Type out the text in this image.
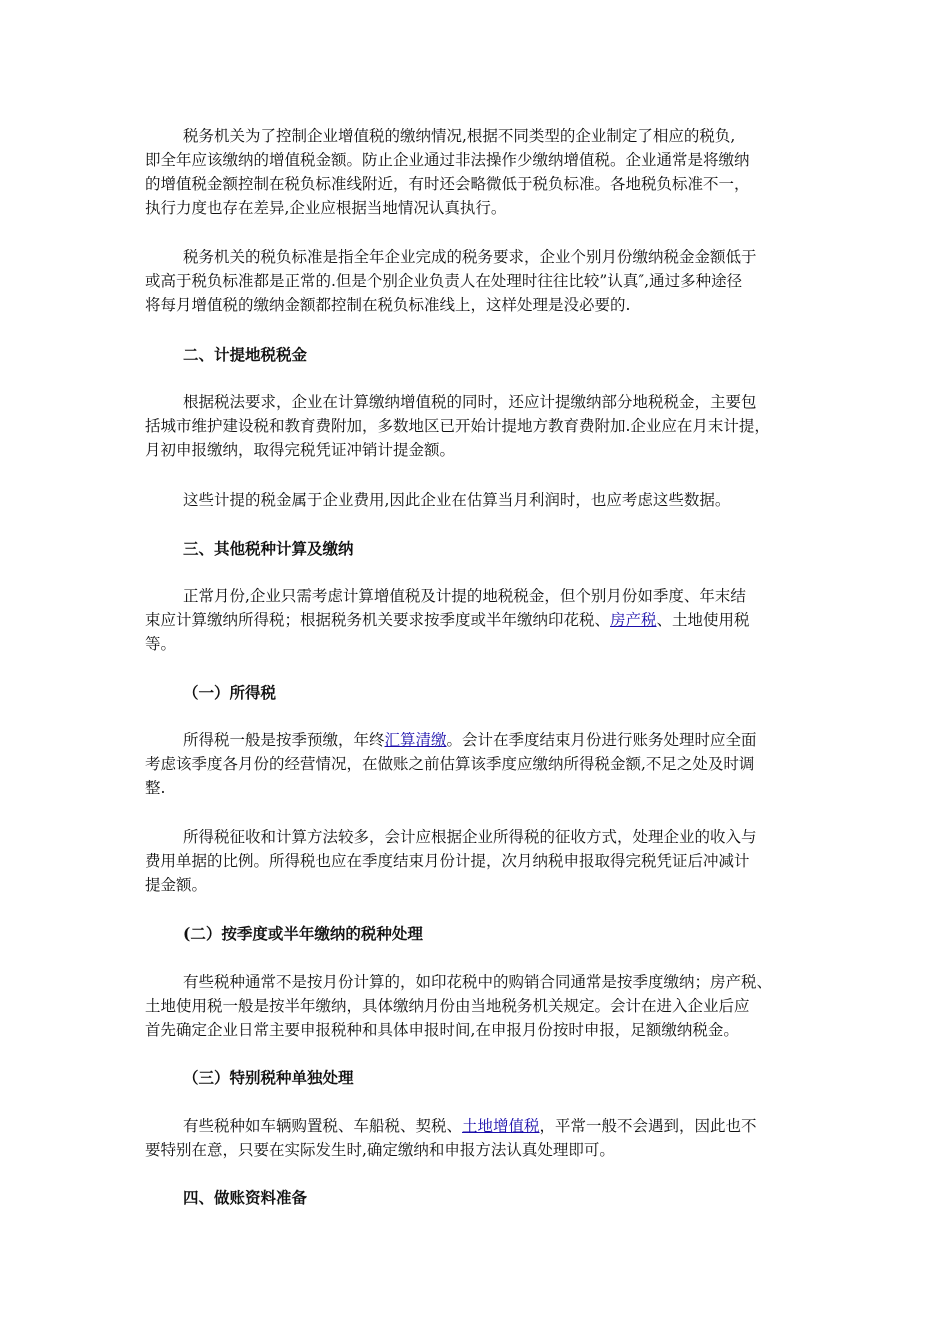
税务机关为了控制企业增值税的缴纳情况,根据不同类型的企业制定了相应的税负,
即全年应该缴纳的增值税金额。防止企业通过非法操作少缴纳增值税。企业通常是将缴纳
的增值税金额控制在税负标准线附近，有时还会略微低于税负标准。各地税负标准不一，
执行力度也存在差异,企业应根据当地情况认真执行。

税务机关的税负标准是指全年企业完成的税务要求，企业个别月份缴纳税金金额低于
或高于税负标准都是正常的.但是个别企业负责人在处理时往往比较”认真″,通过多种途径
将每月增值税的缴纳金额都控制在税负标准线上，这样处理是没必要的.

二、计提地税税金

根据税法要求，企业在计算缴纳增值税的同时，还应计提缴纳部分地税税金，主要包
括城市维护建设税和教育费附加，多数地区已开始计提地方教育费附加.企业应在月末计提，
月初申报缴纳，取得完税凭证冲销计提金额。

这些计提的税金属于企业费用,因此企业在估算当月利润时，也应考虑这些数据。

三、其他税种计算及缴纳

正常月份,企业只需考虑计算增值税及计提的地税税金，但个别月份如季度、年末结
束应计算缴纳所得税；根据税务机关要求按季度或半年缴纳印花税、房产税、土地使用税
等。

（一）所得税

所得税一般是按季预缴，年终汇算清缴。会计在季度结束月份进行账务处理时应全面
考虑该季度各月份的经营情况，在做账之前估算该季度应缴纳所得税金额,不足之处及时调
整.

所得税征收和计算方法较多，会计应根据企业所得税的征收方式，处理企业的收入与
费用单据的比例。所得税也应在季度结束月份计提，次月纳税申报取得完税凭证后冲减计
提金额。

(二）按季度或半年缴纳的税种处理

有些税种通常不是按月份计算的，如印花税中的购销合同通常是按季度缴纳；房产税、
土地使用税一般是按半年缴纳，具体缴纳月份由当地税务机关规定。会计在进入企业后应
首先确定企业日常主要申报税种和具体申报时间,在申报月份按时申报，足额缴纳税金。

（三）特别税种单独处理

有些税种如车辆购置税、车船税、契税、土地增值税，平常一般不会遇到，因此也不
要特别在意，只要在实际发生时,确定缴纳和申报方法认真处理即可。

四、做账资料准备
